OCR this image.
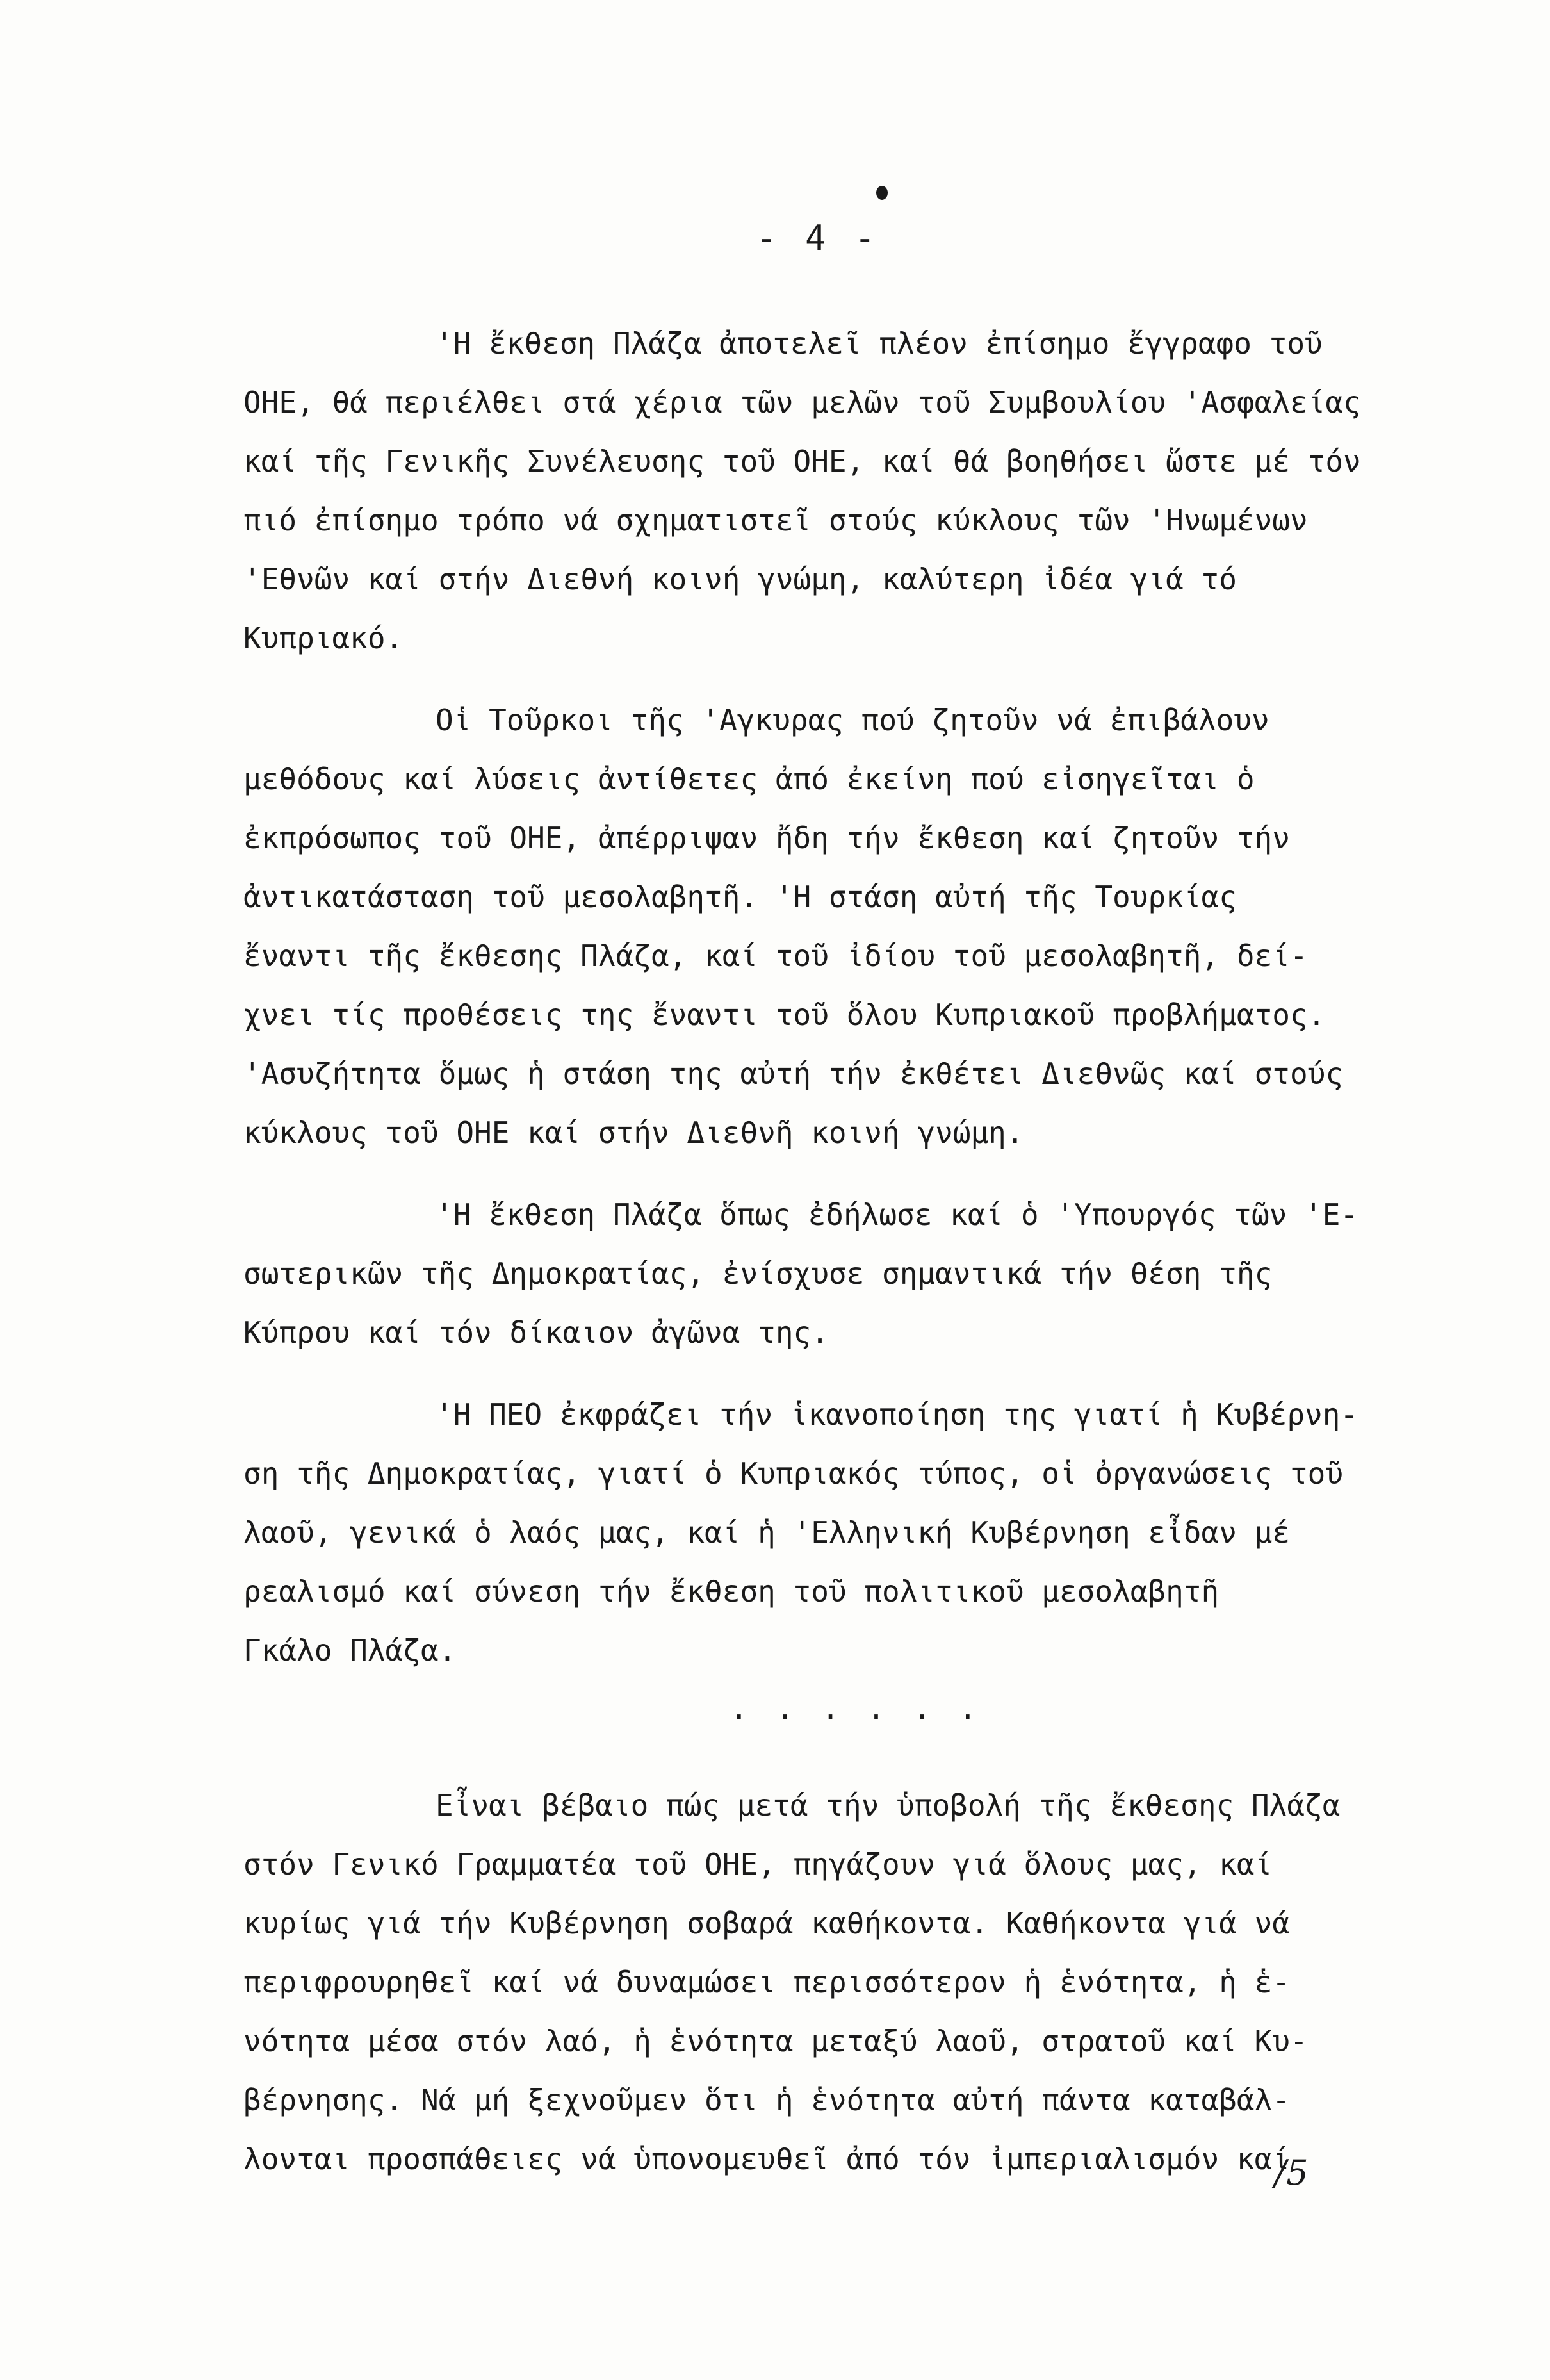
- 4 -
'Η ἔκθεση Πλάζα ἀποτελεῖ πλέον ἐπίσημο ἔγγραφο τοῦ
ΟΗΕ, θά περιέλθει στά χέρια τῶν μελῶν τοῦ Συμβουλίου 'Ασφαλείας
καί τῆς Γενικῆς Συνέλευσης τοῦ ΟΗΕ, καί θά βοηθήσει ὥστε μέ τόν
πιό ἐπίσημο τρόπο νά σχηματιστεῖ στούς κύκλους τῶν 'Ηνωμένων
'Εθνῶν καί στήν Διεθνή κοινή γνώμη, καλύτερη ἰδέα γιά τό
Κυπριακό.
Οἱ Τοῦρκοι τῆς 'Αγκυρας πού ζητοῦν νά ἐπιβάλουν
μεθόδους καί λύσεις ἀντίθετες ἀπό ἐκείνη πού εἰσηγεῖται ὁ
ἐκπρόσωπος τοῦ ΟΗΕ, ἀπέρριψαν ἤδη τήν ἔκθεση καί ζητοῦν τήν
ἀντικατάσταση τοῦ μεσολαβητῆ. 'Η στάση αὐτή τῆς Τουρκίας
ἔναντι τῆς ἔκθεσης Πλάζα, καί τοῦ ἰδίου τοῦ μεσολαβητῆ, δεί-
χνει τίς προθέσεις της ἔναντι τοῦ ὅλου Κυπριακοῦ προβλήματος.
'Ασυζήτητα ὅμως ἡ στάση της αὐτή τήν ἐκθέτει Διεθνῶς καί στούς
κύκλους τοῦ ΟΗΕ καί στήν Διεθνῆ κοινή γνώμη.
'Η ἔκθεση Πλάζα ὅπως ἐδήλωσε καί ὁ 'Υπουργός τῶν 'Ε-
σωτερικῶν τῆς Δημοκρατίας, ἐνίσχυσε σημαντικά τήν θέση τῆς
Κύπρου καί τόν δίκαιον ἀγῶνα της.
'Η ΠΕΟ ἐκφράζει τήν ἱκανοποίηση της γιατί ἡ Κυβέρνη-
ση τῆς Δημοκρατίας, γιατί ὁ Κυπριακός τύπος, οἱ ὀργανώσεις τοῦ
λαοῦ, γενικά ὁ λαός μας, καί ἡ 'Ελληνική Κυβέρνηση εἶδαν μέ
ρεαλισμό καί σύνεση τήν ἔκθεση τοῦ πολιτικοῦ μεσολαβητῆ
Γκάλο Πλάζα.
Εἶναι βέβαιο πώς μετά τήν ὑποβολή τῆς ἔκθεσης Πλάζα
στόν Γενικό Γραμματέα τοῦ ΟΗΕ, πηγάζουν γιά ὅλους μας, καί
κυρίως γιά τήν Κυβέρνηση σοβαρά καθήκοντα. Καθήκοντα γιά νά
περιφρουρηθεῖ καί νά δυναμώσει περισσότερον ἡ ἑνότητα, ἡ ἑ-
νότητα μέσα στόν λαό, ἡ ἑνότητα μεταξύ λαοῦ, στρατοῦ καί Κυ-
βέρνησης. Νά μή ξεχνοῦμεν ὅτι ἡ ἑνότητα αὐτή πάντα καταβάλ-
λονται προσπάθειες νά ὑπονομευθεῖ ἀπό τόν ἰμπεριαλισμόν καί
. . . . . .
/5
